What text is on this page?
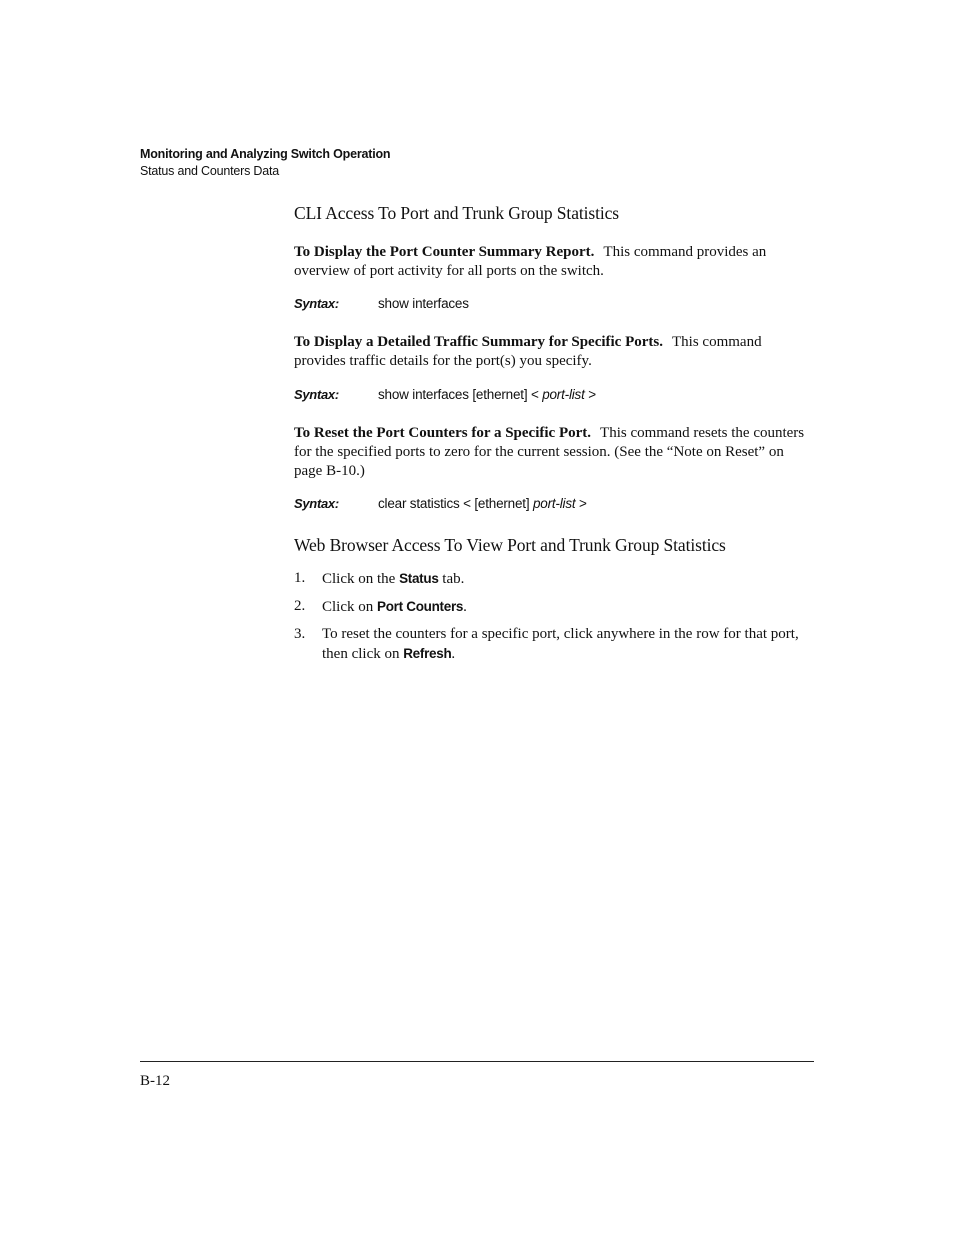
Monitoring and Analyzing Switch Operation
Status and Counters Data
CLI Access To Port and Trunk Group Statistics
To Display the Port Counter Summary Report. This command provides an overview of port activity for all ports on the switch.
Syntax:	show interfaces
To Display a Detailed Traffic Summary for Specific Ports. This command provides traffic details for the port(s) you specify.
Syntax:	show interfaces [ethernet] < port-list >
To Reset the Port Counters for a Specific Port. This command resets the counters for the specified ports to zero for the current session. (See the “Note on Reset” on page B-10.)
Syntax:	clear statistics < [ethernet] port-list >
Web Browser Access To View Port and Trunk Group Statistics
1. Click on the Status tab.
2. Click on Port Counters.
3. To reset the counters for a specific port, click anywhere in the row for that port, then click on Refresh.
B-12
